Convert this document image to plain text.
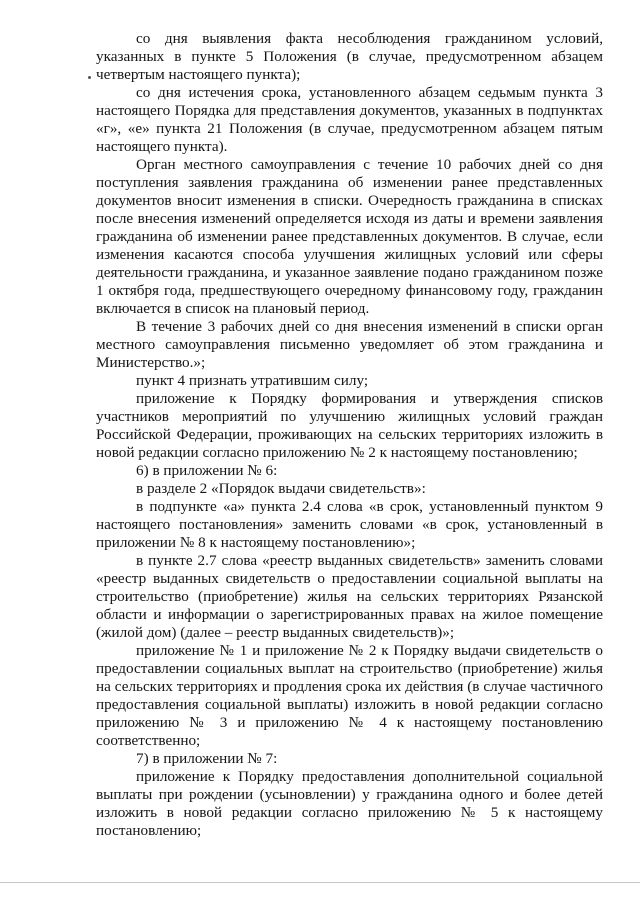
со дня выявления факта несоблюдения гражданином условий, указанных в пункте 5 Положения (в случае, предусмотренном абзацем четвертым настоящего пункта);

со дня истечения срока, установленного абзацем седьмым пункта 3 настоящего Порядка для представления документов, указанных в подпунктах «г», «е» пункта 21 Положения (в случае, предусмотренном абзацем пятым настоящего пункта).

Орган местного самоуправления с течение 10 рабочих дней со дня поступления заявления гражданина об изменении ранее представленных документов вносит изменения в списки. Очередность гражданина в списках после внесения изменений определяется исходя из даты и времени заявления гражданина об изменении ранее представленных документов. В случае, если изменения касаются способа улучшения жилищных условий или сферы деятельности гражданина, и указанное заявление подано гражданином позже 1 октября года, предшествующего очередному финансовому году, гражданин включается в список на плановый период.

В течение 3 рабочих дней со дня внесения изменений в списки орган местного самоуправления письменно уведомляет об этом гражданина и Министерство.»;

пункт 4 признать утратившим силу;

приложение к Порядку формирования и утверждения списков участников мероприятий по улучшению жилищных условий граждан Российской Федерации, проживающих на сельских территориях изложить в новой редакции согласно приложению № 2 к настоящему постановлению;

6) в приложении № 6:

в разделе 2 «Порядок выдачи свидетельств»:

в подпункте «а» пункта 2.4 слова «в срок, установленный пунктом 9 настоящего постановления» заменить словами «в срок, установленный в приложении № 8 к настоящему постановлению»;

в пункте 2.7 слова «реестр выданных свидетельств» заменить словами «реестр выданных свидетельств о предоставлении социальной выплаты на строительство (приобретение) жилья на сельских территориях Рязанской области и информации о зарегистрированных правах на жилое помещение (жилой дом) (далее – реестр выданных свидетельств)»;

приложение № 1 и приложение № 2 к Порядку выдачи свидетельств о предоставлении социальных выплат на строительство (приобретение) жилья на сельских территориях и продления срока их действия (в случае частичного предоставления социальной выплаты) изложить в новой редакции согласно приложению № 3 и приложению № 4 к настоящему постановлению соответственно;

7) в приложении № 7:

приложение к Порядку предоставления дополнительной социальной выплаты при рождении (усыновлении) у гражданина одного и более детей изложить в новой редакции согласно приложению № 5 к настоящему постановлению;
